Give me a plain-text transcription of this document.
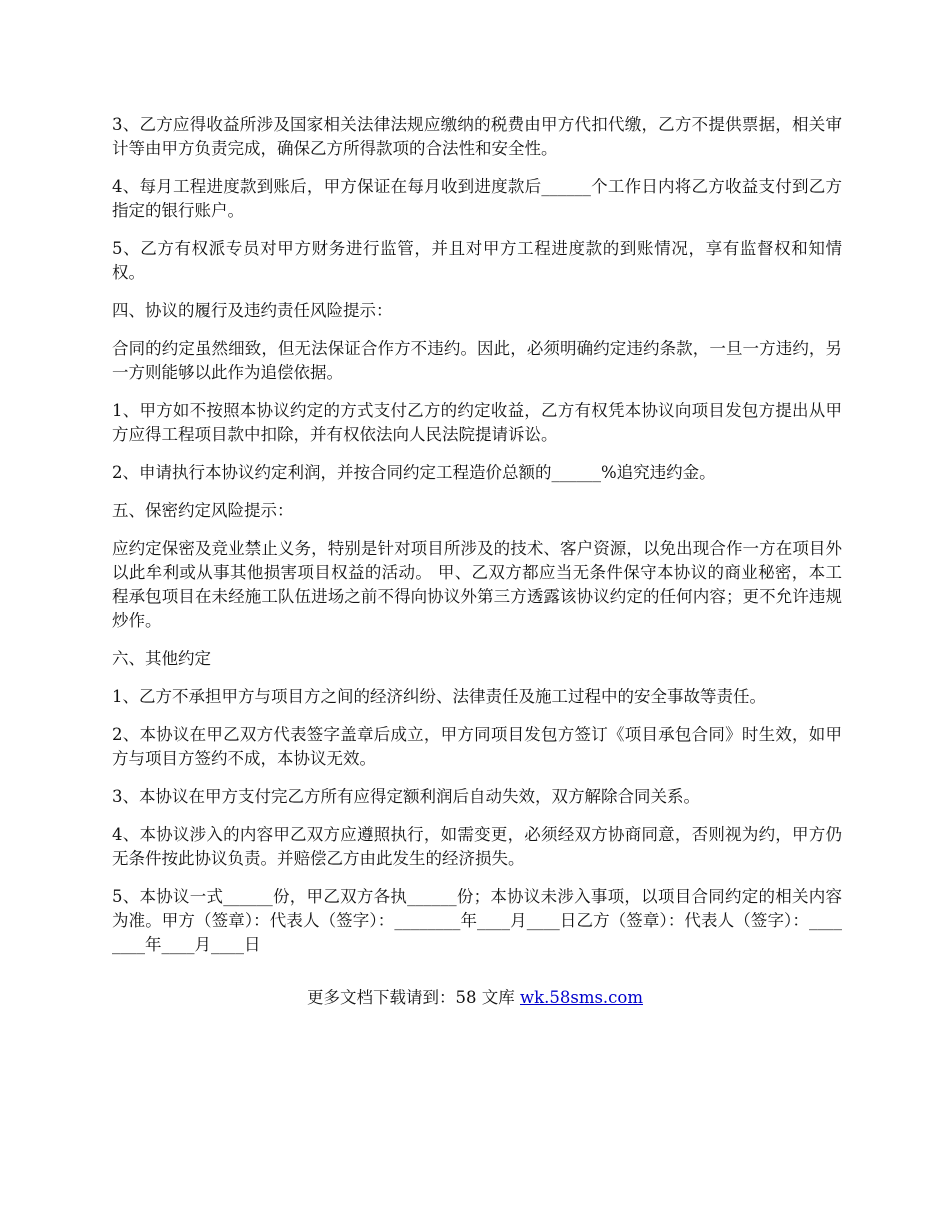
3、乙方应得收益所涉及国家相关法律法规应缴纳的税费由甲方代扣代缴，乙方不提供票据，相关审计等由甲方负责完成，确保乙方所得款项的合法性和安全性。

4、每月工程进度款到账后，甲方保证在每月收到进度款后______个工作日内将乙方收益支付到乙方指定的银行账户。

5、乙方有权派专员对甲方财务进行监管，并且对甲方工程进度款的到账情况，享有监督权和知情权。

四、协议的履行及违约责任风险提示：

合同的约定虽然细致，但无法保证合作方不违约。因此，必须明确约定违约条款，一旦一方违约，另一方则能够以此作为追偿依据。

1、甲方如不按照本协议约定的方式支付乙方的约定收益，乙方有权凭本协议向项目发包方提出从甲方应得工程项目款中扣除，并有权依法向人民法院提请诉讼。

2、申请执行本协议约定利润，并按合同约定工程造价总额的______%追究违约金。

五、保密约定风险提示：

应约定保密及竞业禁止义务，特别是针对项目所涉及的技术、客户资源，以免出现合作一方在项目外以此牟利或从事其他损害项目权益的活动。 甲、乙双方都应当无条件保守本协议的商业秘密，本工程承包项目在未经施工队伍进场之前不得向协议外第三方透露该协议约定的任何内容；更不允许违规炒作。

六、其他约定

1、乙方不承担甲方与项目方之间的经济纠纷、法律责任及施工过程中的安全事故等责任。

2、本协议在甲乙双方代表签字盖章后成立，甲方同项目发包方签订《项目承包合同》时生效，如甲方与项目方签约不成，本协议无效。

3、本协议在甲方支付完乙方所有应得定额利润后自动失效，双方解除合同关系。

4、本协议涉入的内容甲乙双方应遵照执行，如需变更，必须经双方协商同意，否则视为约，甲方仍无条件按此协议负责。并赔偿乙方由此发生的经济损失。

5、本协议一式______份，甲乙双方各执______份；本协议未涉入事项，以项目合同约定的相关内容为准。甲方（签章）：代表人（签字）：________年____月____日乙方（签章）：代表人（签字）：________年____月____日

更多文档下载请到：58 文库 wk.58sms.com
